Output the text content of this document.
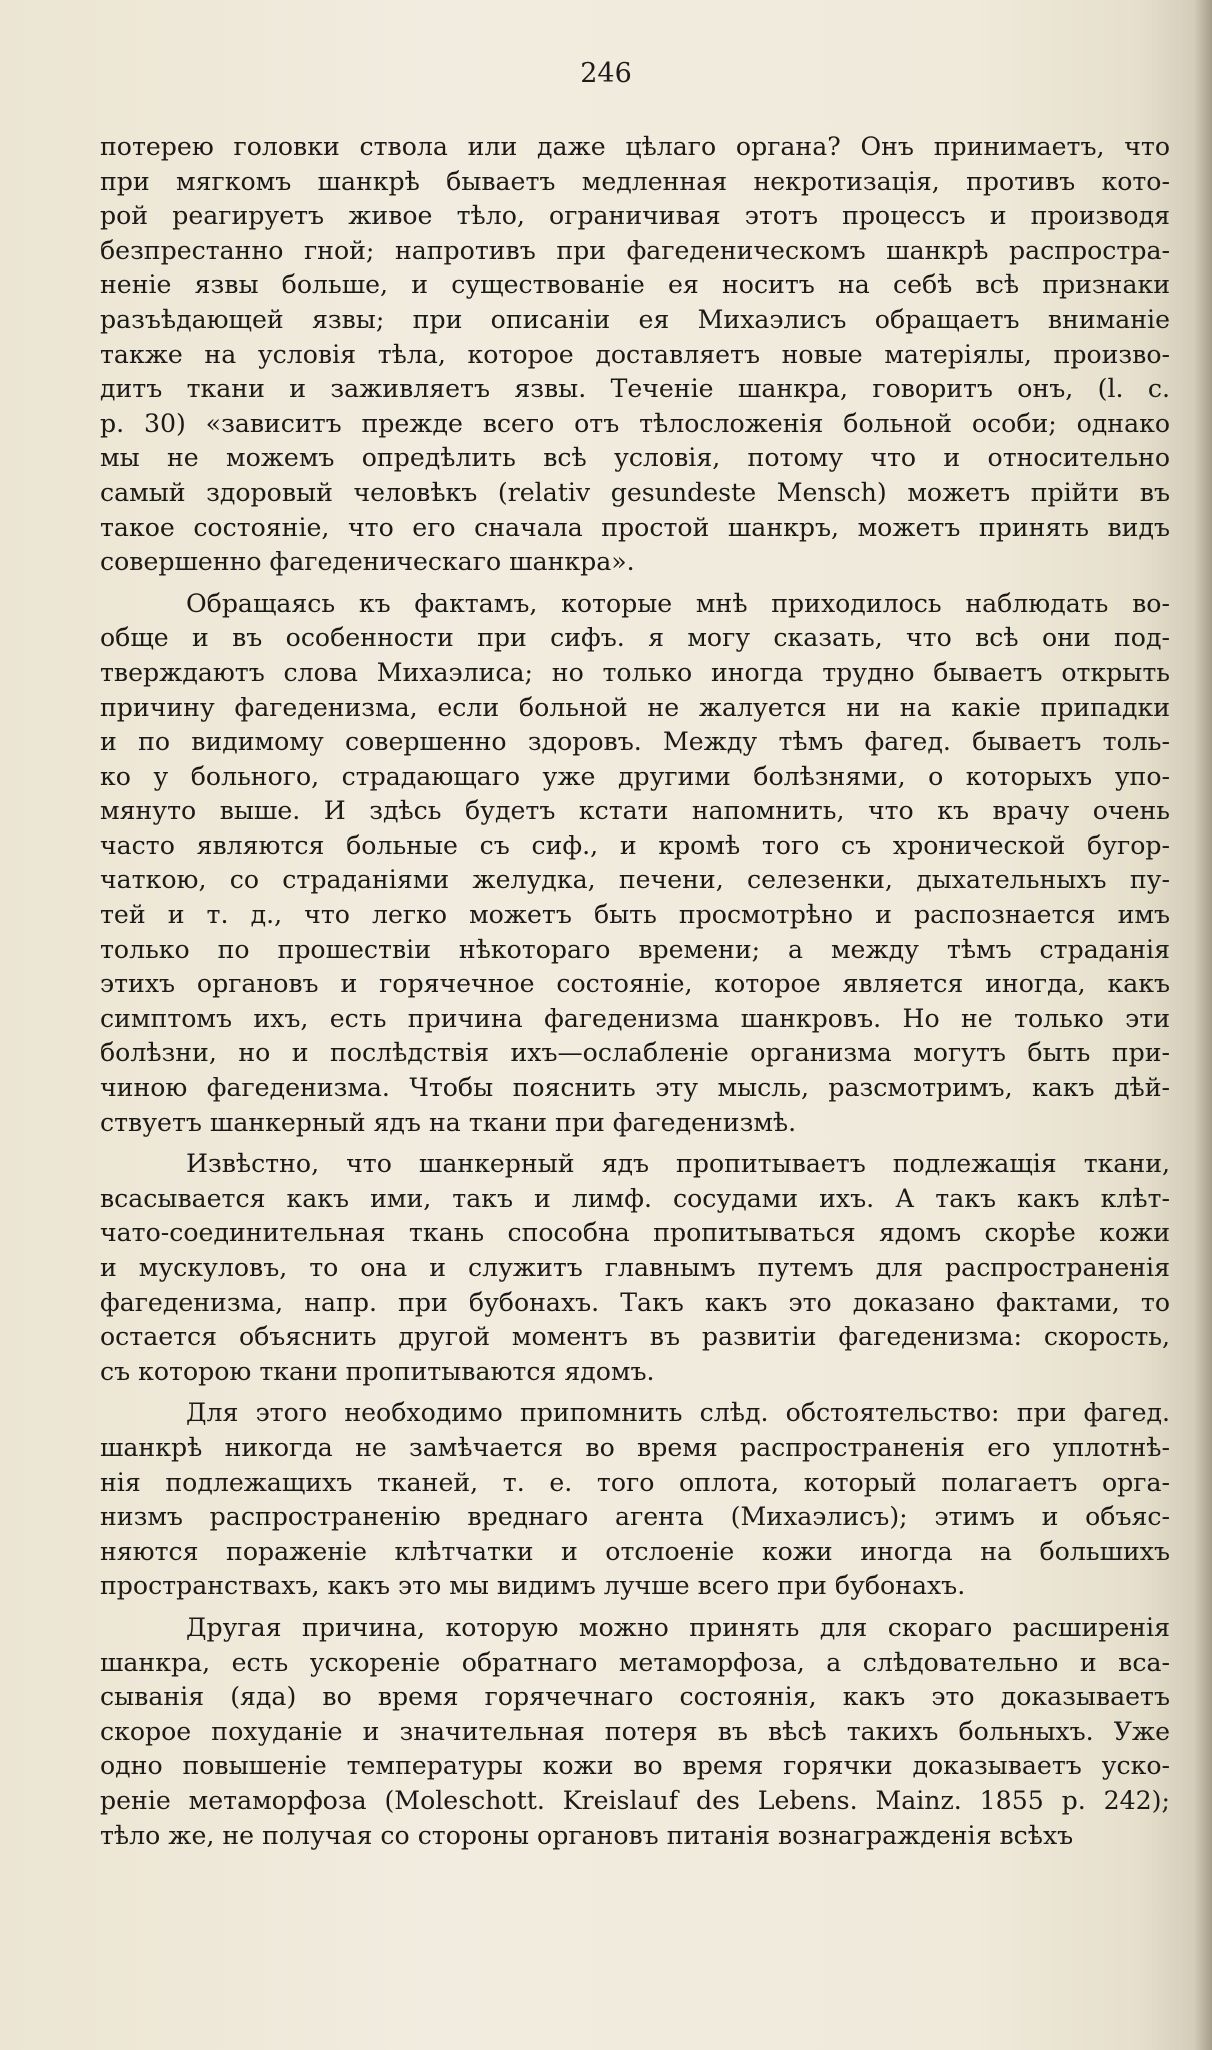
246
потерею головки ствола или даже цѣлаго органа? Онъ принимаетъ, что
при мягкомъ шанкрѣ бываетъ медленная некротизація, противъ кото-
рой реагируетъ живое тѣло, ограничивая этотъ процессъ и производя
безпрестанно гной; напротивъ при фагеденическомъ шанкрѣ распростра-
неніе язвы больше, и существованіе ея носитъ на себѣ всѣ признаки
разъѣдающей язвы; при описаніи ея Михаэлисъ обращаетъ вниманіе
также на условія тѣла, которое доставляетъ новые матеріялы, произво-
дитъ ткани и заживляетъ язвы. Теченіе шанкра, говоритъ онъ, (l. c.
p. 30) «зависитъ прежде всего отъ тѣлосложенія больной особи; однако
мы не можемъ опредѣлить всѣ условія, потому что и относительно
самый здоровый человѣкъ (relativ gesundeste Mensch) можетъ прійти въ
такое состояніе, что его сначала простой шанкръ, можетъ принять видъ
совершенно фагеденическаго шанкра».
Обращаясь къ фактамъ, которые мнѣ приходилось наблюдать во-
обще и въ особенности при сифъ. я могу сказать, что всѣ они под-
тверждаютъ слова Михаэлиса; но только иногда трудно бываетъ открыть
причину фагеденизма, если больной не жалуется ни на какіе припадки
и по видимому совершенно здоровъ. Между тѣмъ фагед. бываетъ толь-
ко у больного, страдающаго уже другими болѣзнями, о которыхъ упо-
мянуто выше. И здѣсь будетъ кстати напомнить, что къ врачу очень
часто являются больные съ сиф., и кромѣ того съ хронической бугор-
чаткою, со страданіями желудка, печени, селезенки, дыхательныхъ пу-
тей и т. д., что легко можетъ быть просмотрѣно и распознается имъ
только по прошествіи нѣкотораго времени; а между тѣмъ страданія
этихъ органовъ и горячечное состояніе, которое является иногда, какъ
симптомъ ихъ, есть причина фагеденизма шанкровъ. Но не только эти
болѣзни, но и послѣдствія ихъ—ослабленіе организма могутъ быть при-
чиною фагеденизма. Чтобы пояснить эту мысль, разсмотримъ, какъ дѣй-
ствуетъ шанкерный ядъ на ткани при фагеденизмѣ.
Извѣстно, что шанкерный ядъ пропитываетъ подлежащія ткани,
всасывается какъ ими, такъ и лимф. сосудами ихъ. А такъ какъ клѣт-
чато-соединительная ткань способна пропитываться ядомъ скорѣе кожи
и мускуловъ, то она и служитъ главнымъ путемъ для распространенія
фагеденизма, напр. при бубонахъ. Такъ какъ это доказано фактами, то
остается объяснить другой моментъ въ развитіи фагеденизма: скорость,
съ которою ткани пропитываются ядомъ.
Для этого необходимо припомнить слѣд. обстоятельство: при фагед.
шанкрѣ никогда не замѣчается во время распространенія его уплотнѣ-
нія подлежащихъ тканей, т. е. того оплота, который полагаетъ орга-
низмъ распространенію вреднаго агента (Михаэлисъ); этимъ и объяс-
няются пораженіе клѣтчатки и отслоеніе кожи иногда на большихъ
пространствахъ, какъ это мы видимъ лучше всего при бубонахъ.
Другая причина, которую можно принять для скораго расширенія
шанкра, есть ускореніе обратнаго метаморфоза, а слѣдовательно и вса-
сыванія (яда) во время горячечнаго состоянія, какъ это доказываетъ
скорое похуданіе и значительная потеря въ вѣсѣ такихъ больныхъ. Уже
одно повышеніе температуры кожи во время горячки доказываетъ уско-
реніе метаморфоза (Moleschott. Kreislauf des Lebens. Mainz. 1855 p. 242);
тѣло же, не получая со стороны органовъ питанія вознагражденія всѣхъ
